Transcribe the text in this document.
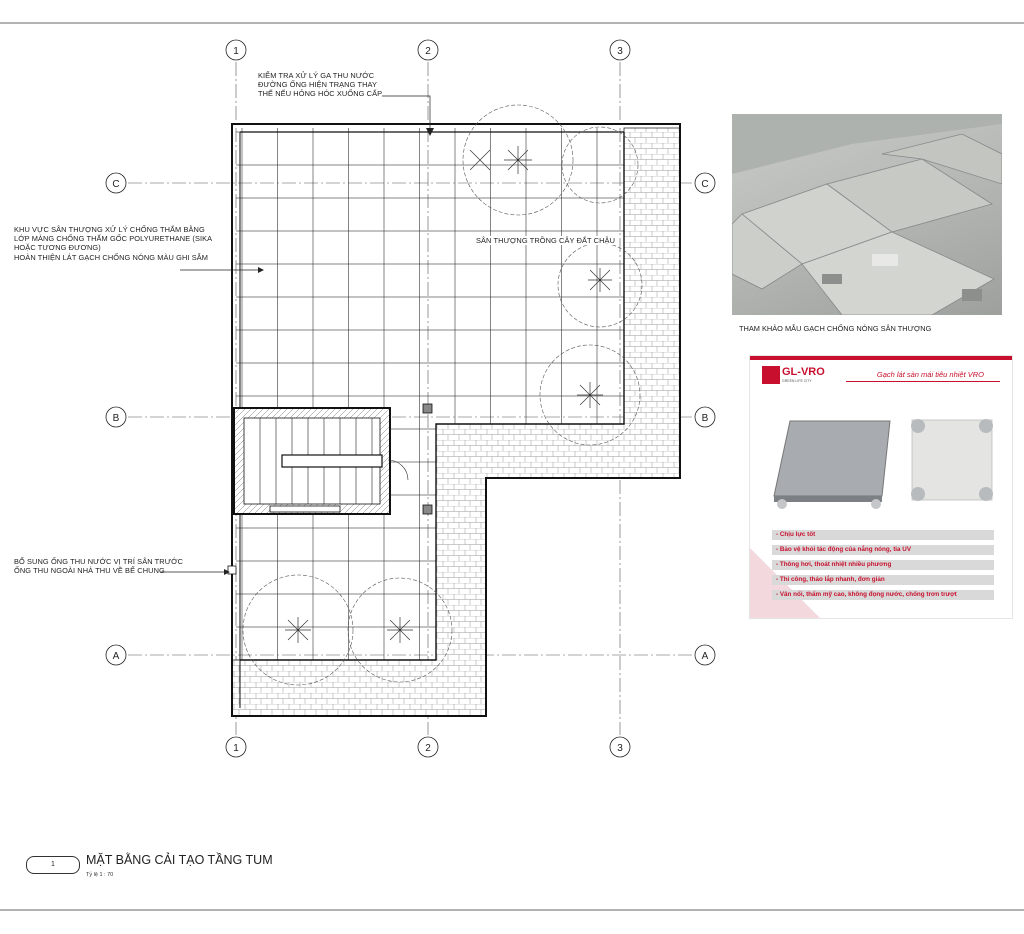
1	2	3
1	2	3
C
B
A
C
B
A
KIỂM TRA XỬ LÝ GA THU NƯỚC
ĐƯỜNG ỐNG HIỆN TRẠNG THAY
THẾ NẾU HỎNG HÓC XUỐNG CẤP
KHU VỰC SÂN THƯỢNG XỬ LÝ CHỐNG THẤM BẰNG
LỚP MÀNG CHỐNG THẤM GỐC POLYURETHANE (SIKA
HOẶC TƯƠNG ĐƯƠNG)
HOÀN THIỆN LÁT GẠCH CHỐNG NÓNG MÀU GHI SẪM
SÂN THƯỢNG TRỒNG CÂY ĐẤT CHẬU
BỔ SUNG ỐNG THU NƯỚC VỊ TRÍ SÂN TRƯỚC
ỐNG THU NGOÀI NHÀ THU VỀ BỂ CHUNG
THAM KHẢO MẪU GẠCH CHỐNG NÓNG SÂN THƯỢNG
GL-VRO
GREEN LIFE CITY
Gạch lát sàn mái tiêu nhiệt VRO
- Chịu lực tốt
- Bảo vệ khỏi tác động của nắng nóng, tia UV
- Thông hơi, thoát nhiệt nhiều phương
- Thi công, tháo lắp nhanh, đơn giản
- Vân nổi, thẩm mỹ cao, không đọng nước, chống trơn trượt
1	MẶT BẰNG CẢI TẠO TẦNG TUM
Tỷ lệ 1 : 70
